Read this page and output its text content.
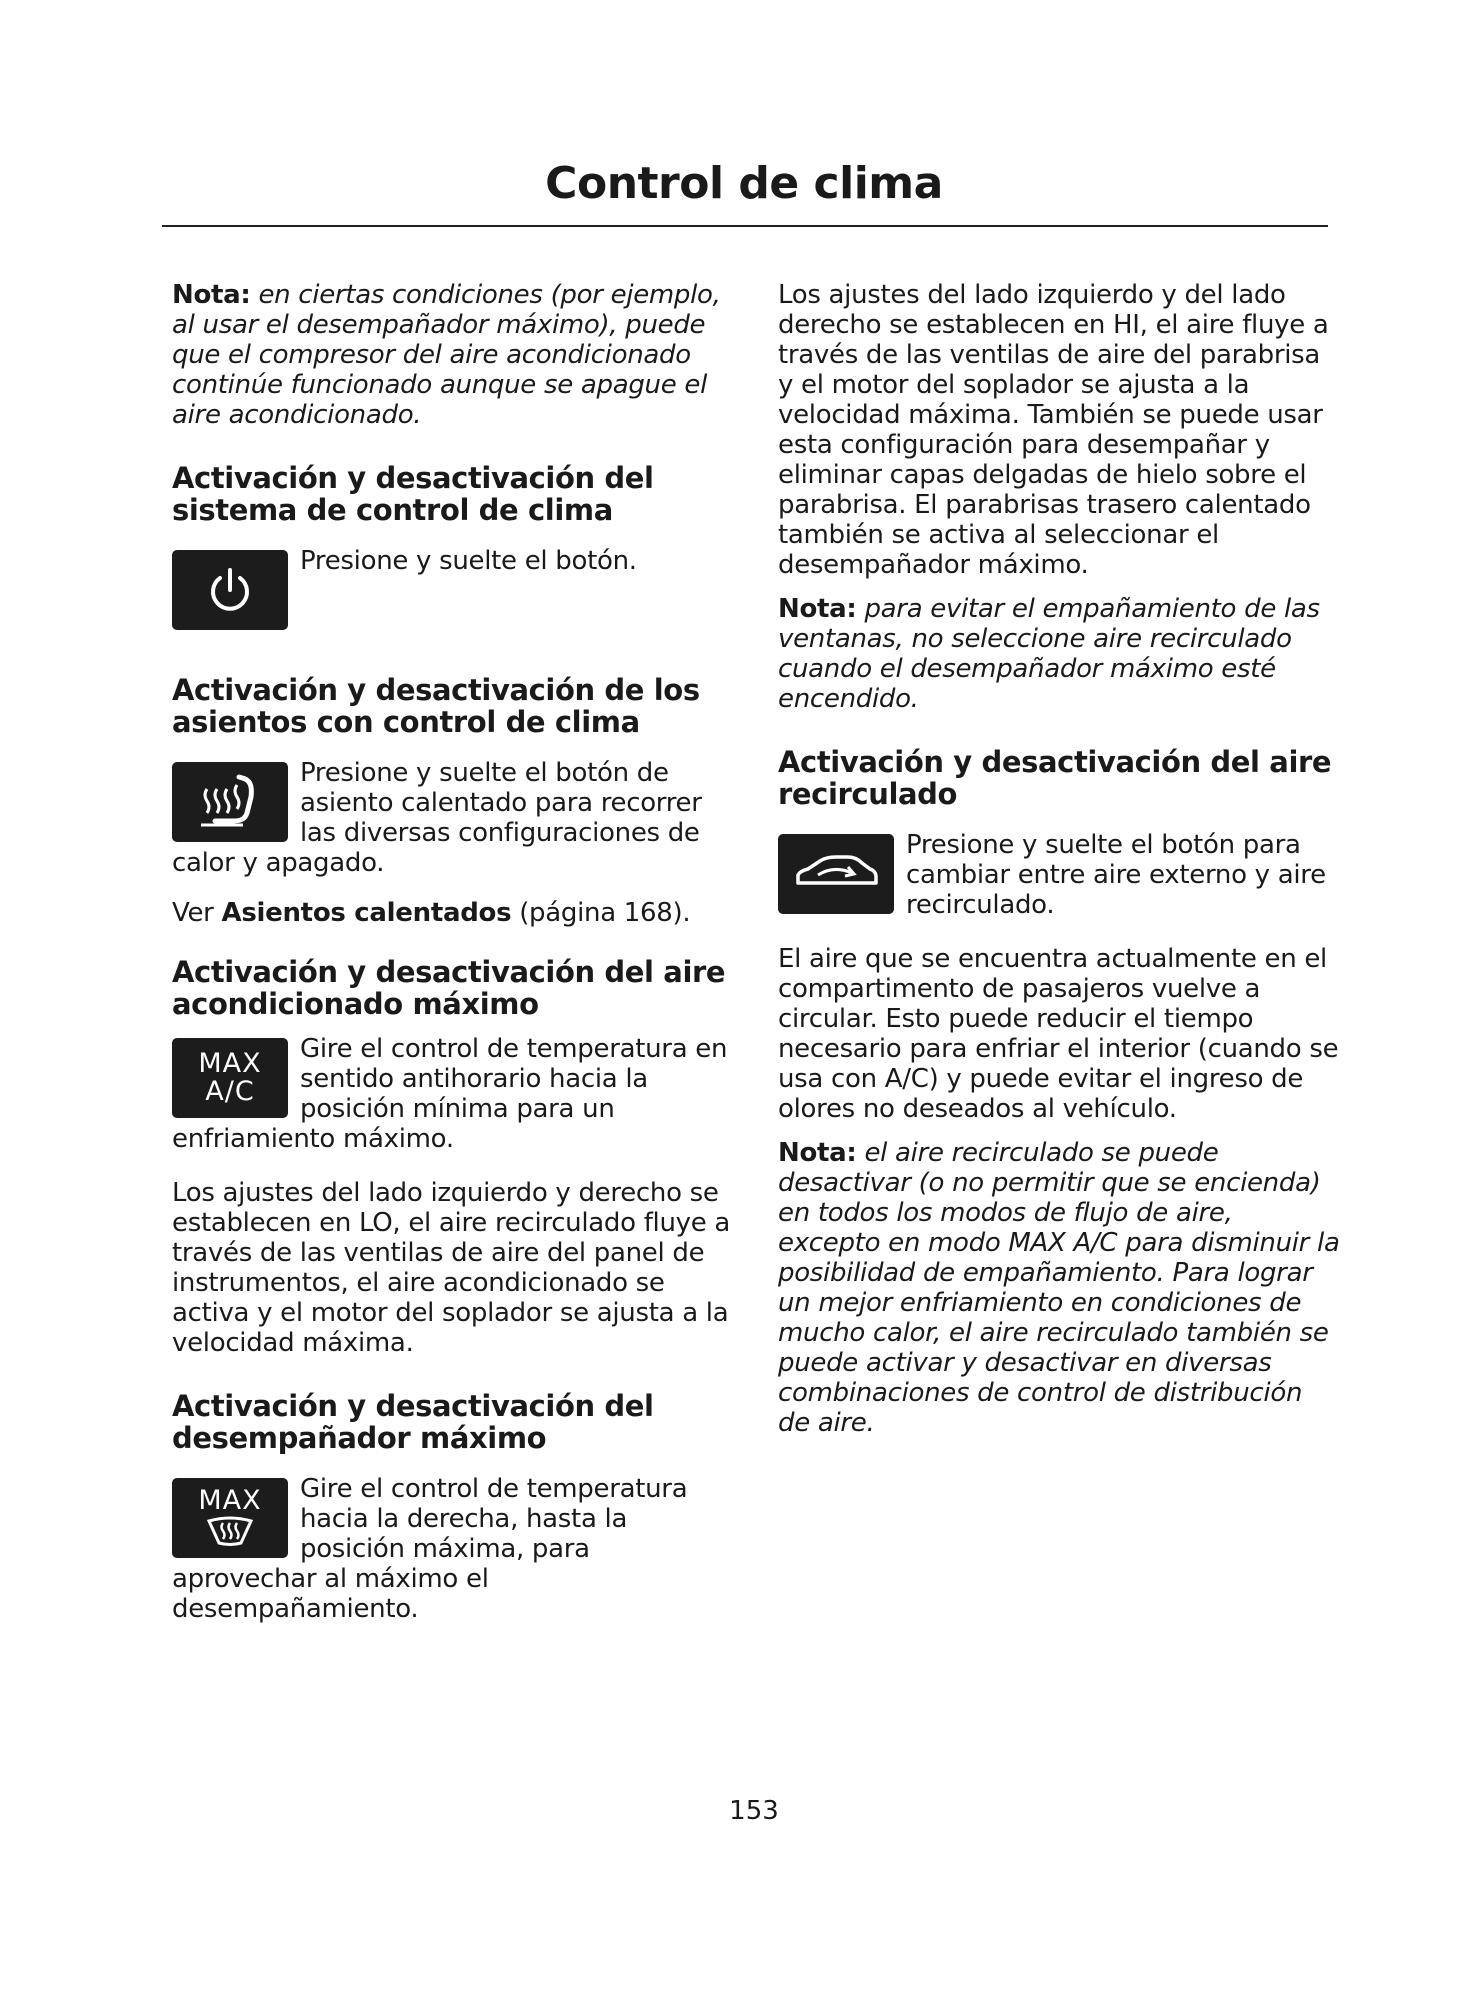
Control de clima

Nota: en ciertas condiciones (por ejemplo, al usar el desempañador máximo), puede que el compresor del aire acondicionado continúe funcionado aunque se apague el aire acondicionado.

Activación y desactivación del sistema de control de clima

Presione y suelte el botón.

Activación y desactivación de los asientos con control de clima

Presione y suelte el botón de asiento calentado para recorrer las diversas configuraciones de calor y apagado.

Ver Asientos calentados (página 168).

Activación y desactivación del aire acondicionado máximo
MAX
A/C

Gire el control de temperatura en sentido antihorario hacia la posición mínima para un enfriamiento máximo.

Los ajustes del lado izquierdo y derecho se establecen en LO, el aire recirculado fluye a través de las ventilas de aire del panel de instrumentos, el aire acondicionado se activa y el motor del soplador se ajusta a la velocidad máxima.

Activación y desactivación del desempañador máximo
MAX	Gire el control de temperatura hacia la derecha, hasta la posición máxima, para aprovechar al máximo el desempañamiento.

Los ajustes del lado izquierdo y del lado derecho se establecen en HI, el aire fluye a través de las ventilas de aire del parabrisa y el motor del soplador se ajusta a la velocidad máxima. También se puede usar esta configuración para desempañar y eliminar capas delgadas de hielo sobre el parabrisa. El parabrisas trasero calentado también se activa al seleccionar el desempañador máximo.

Nota: para evitar el empañamiento de las ventanas, no seleccione aire recirculado cuando el desempañador máximo esté encendido.

Activación y desactivación del aire recirculado

Presione y suelte el botón para cambiar entre aire externo y aire recirculado.

El aire que se encuentra actualmente en el compartimento de pasajeros vuelve a circular. Esto puede reducir el tiempo necesario para enfriar el interior (cuando se usa con A/C) y puede evitar el ingreso de olores no deseados al vehículo.

Nota: el aire recirculado se puede desactivar (o no permitir que se encienda) en todos los modos de flujo de aire, excepto en modo MAX A/C para disminuir la posibilidad de empañamiento. Para lograr un mejor enfriamiento en condiciones de mucho calor, el aire recirculado también se puede activar y desactivar en diversas combinaciones de control de distribución de aire.

153
